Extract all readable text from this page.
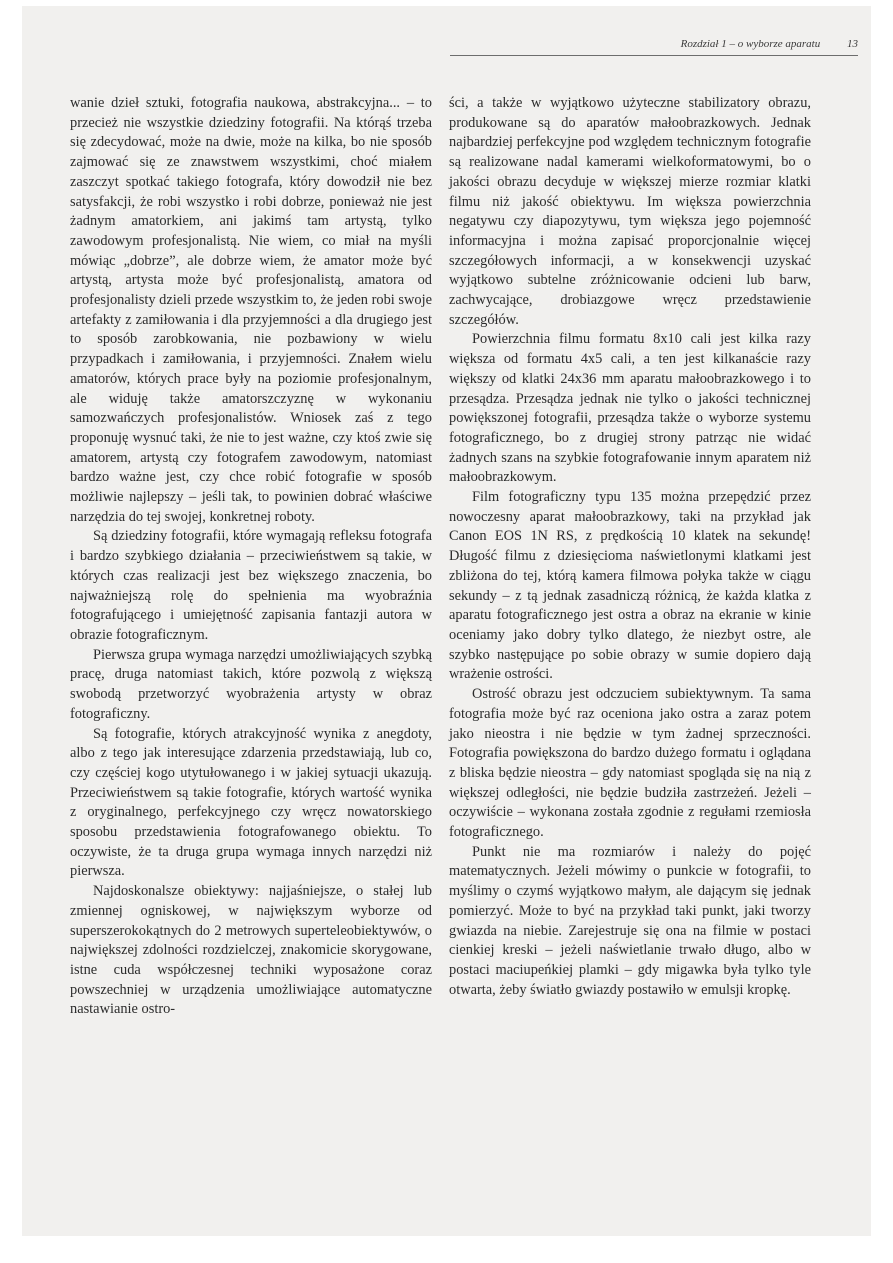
Rozdział 1 – o wyborze aparatu 13

wanie dzieł sztuki, fotografia naukowa, abstrakcyjna... – to przecież nie wszystkie dziedziny fotografii. Na którąś trzeba się zdecydować, może na dwie, może na kilka, bo nie sposób zajmować się ze znawstwem wszystkimi, choć miałem zaszczyt spotkać takiego fotografa, który dowodził nie bez satysfakcji, że robi wszystko i robi dobrze, ponieważ nie jest żadnym amatorkiem, ani jakimś tam artystą, tylko zawodowym profesjonalistą. Nie wiem, co miał na myśli mówiąc „dobrze”, ale dobrze wiem, że amator może być artystą, artysta może być profesjonalistą, amatora od profesjonalisty dzieli przede wszystkim to, że jeden robi swoje artefakty z zamiłowania i dla przyjemności a dla drugiego jest to sposób zarobkowania, nie pozbawiony w wielu przypadkach i zamiłowania, i przyjemności. Znałem wielu amatorów, których prace były na poziomie profesjonalnym, ale widuję także amatorszczyznę w wykonaniu samozwańczych profesjonalistów. Wniosek zaś z tego proponuję wysnuć taki, że nie to jest ważne, czy ktoś zwie się amatorem, artystą czy fotografem zawodowym, natomiast bardzo ważne jest, czy chce robić fotografie w sposób możliwie najlepszy – jeśli tak, to powinien dobrać właściwe narzędzia do tej swojej, konkretnej roboty.

Są dziedziny fotografii, które wymagają refleksu fotografa i bardzo szybkiego działania – przeciwieństwem są takie, w których czas realizacji jest bez większego znaczenia, bo najważniejszą rolę do spełnienia ma wyobraźnia fotografującego i umiejętność zapisania fantazji autora w obrazie fotograficznym.

Pierwsza grupa wymaga narzędzi umożliwiających szybką pracę, druga natomiast takich, które pozwolą z większą swobodą przetworzyć wyobrażenia artysty w obraz fotograficzny.

Są fotografie, których atrakcyjność wynika z anegdoty, albo z tego jak interesujące zdarzenia przedstawiają, lub co, czy częściej kogo utytułowanego i w jakiej sytuacji ukazują. Przeciwieństwem są takie fotografie, których wartość wynika z oryginalnego, perfekcyjnego czy wręcz nowatorskiego sposobu przedstawienia fotografowanego obiektu. To oczywiste, że ta druga grupa wymaga innych narzędzi niż pierwsza.

Najdoskonalsze obiektywy: najjaśniejsze, o stałej lub zmiennej ogniskowej, w największym wyborze od superszerokokątnych do 2 metrowych superteleobiektywów, o największej zdolności rozdzielczej, znakomicie skorygowane, istne cuda współczesnej techniki wyposażone coraz powszechniej w urządzenia umożliwiające automatyczne nastawianie ostro-

ści, a także w wyjątkowo użyteczne stabilizatory obrazu, produkowane są do aparatów małoobrazkowych. Jednak najbardziej perfekcyjne pod względem technicznym fotografie są realizowane nadal kamerami wielkoformatowymi, bo o jakości obrazu decyduje w większej mierze rozmiar klatki filmu niż jakość obiektywu. Im większa powierzchnia negatywu czy diapozytywu, tym większa jego pojemność informacyjna i można zapisać proporcjonalnie więcej szczegółowych informacji, a w konsekwencji uzyskać wyjątkowo subtelne zróżnicowanie odcieni lub barw, zachwycające, drobiazgowe wręcz przedstawienie szczegółów.

Powierzchnia filmu formatu 8x10 cali jest kilka razy większa od formatu 4x5 cali, a ten jest kilkanaście razy większy od klatki 24x36 mm aparatu małoobrazkowego i to przesądza. Przesądza jednak nie tylko o jakości technicznej powiększonej fotografii, przesądza także o wyborze systemu fotograficznego, bo z drugiej strony patrząc nie widać żadnych szans na szybkie fotografowanie innym aparatem niż małoobrazkowym.

Film fotograficzny typu 135 można przepędzić przez nowoczesny aparat małoobrazkowy, taki na przykład jak Canon EOS 1N RS, z prędkością 10 klatek na sekundę! Długość filmu z dziesięcioma naświetlonymi klatkami jest zbliżona do tej, którą kamera filmowa połyka także w ciągu sekundy – z tą jednak zasadniczą różnicą, że każda klatka z aparatu fotograficznego jest ostra a obraz na ekranie w kinie oceniamy jako dobry tylko dlatego, że niezbyt ostre, ale szybko następujące po sobie obrazy w sumie dopiero dają wrażenie ostrości.

Ostrość obrazu jest odczuciem subiektywnym. Ta sama fotografia może być raz oceniona jako ostra a zaraz potem jako nieostra i nie będzie w tym żadnej sprzeczności. Fotografia powiększona do bardzo dużego formatu i oglądana z bliska będzie nieostra – gdy natomiast spogląda się na nią z większej odległości, nie będzie budziła zastrzeżeń. Jeżeli – oczywiście – wykonana została zgodnie z regułami rzemiosła fotograficznego.

Punkt nie ma rozmiarów i należy do pojęć matematycznych. Jeżeli mówimy o punkcie w fotografii, to myślimy o czymś wyjątkowo małym, ale dającym się jednak pomierzyć. Może to być na przykład taki punkt, jaki tworzy gwiazda na niebie. Zarejestruje się ona na filmie w postaci cienkiej kreski – jeżeli naświetlanie trwało długo, albo w postaci maciupeńkiej plamki – gdy migawka była tylko tyle otwarta, żeby światło gwiazdy postawiło w emulsji kropkę.
